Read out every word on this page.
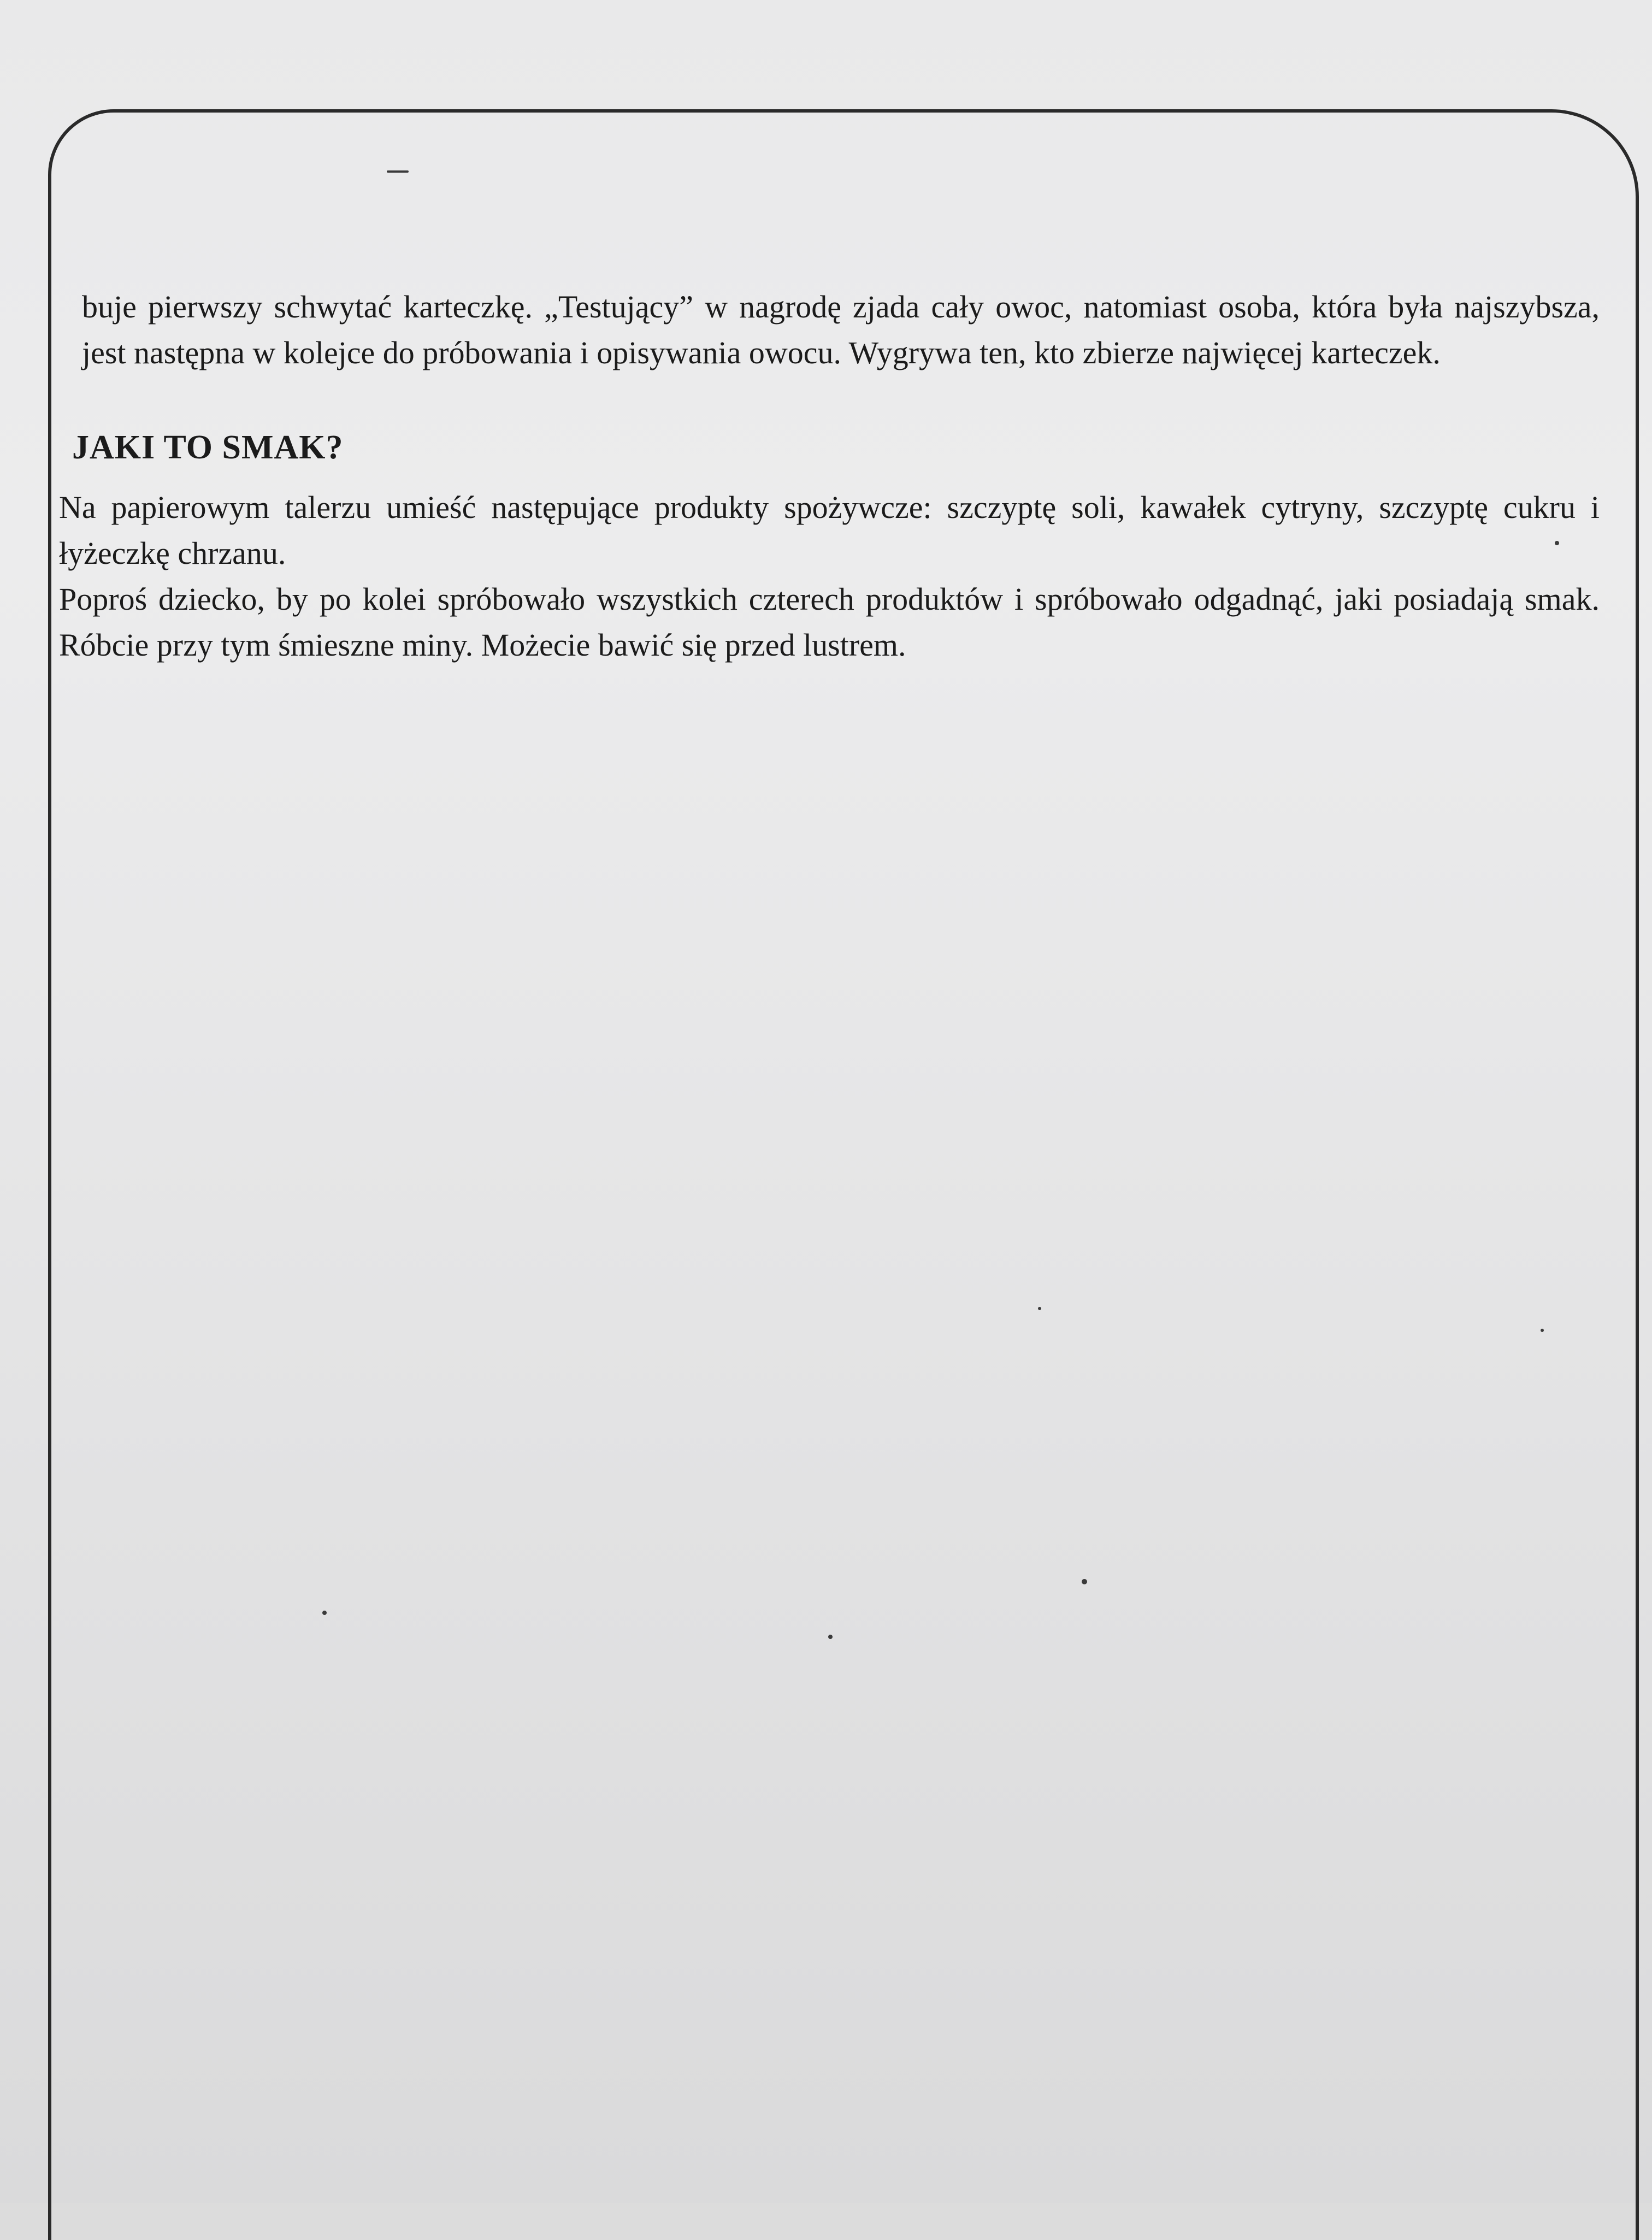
buje pierwszy schwytać karteczkę. „Testujący” w nagrodę zjada cały owoc, natomiast osoba, która była najszybsza, jest następna w kolejce do próbowania i opisywania owocu. Wygrywa ten, kto zbierze najwięcej karteczek.

JAKI TO SMAK?

Na papierowym talerzu umieść następujące produkty spożywcze: szczyptę soli, kawałek cytryny, szczyptę cukru i łyżeczkę chrzanu.

Poproś dziecko, by po kolei spróbowało wszystkich czterech produktów i spróbowało odgadnąć, jaki posiadają smak. Róbcie przy tym śmieszne miny. Możecie bawić się przed lustrem.
